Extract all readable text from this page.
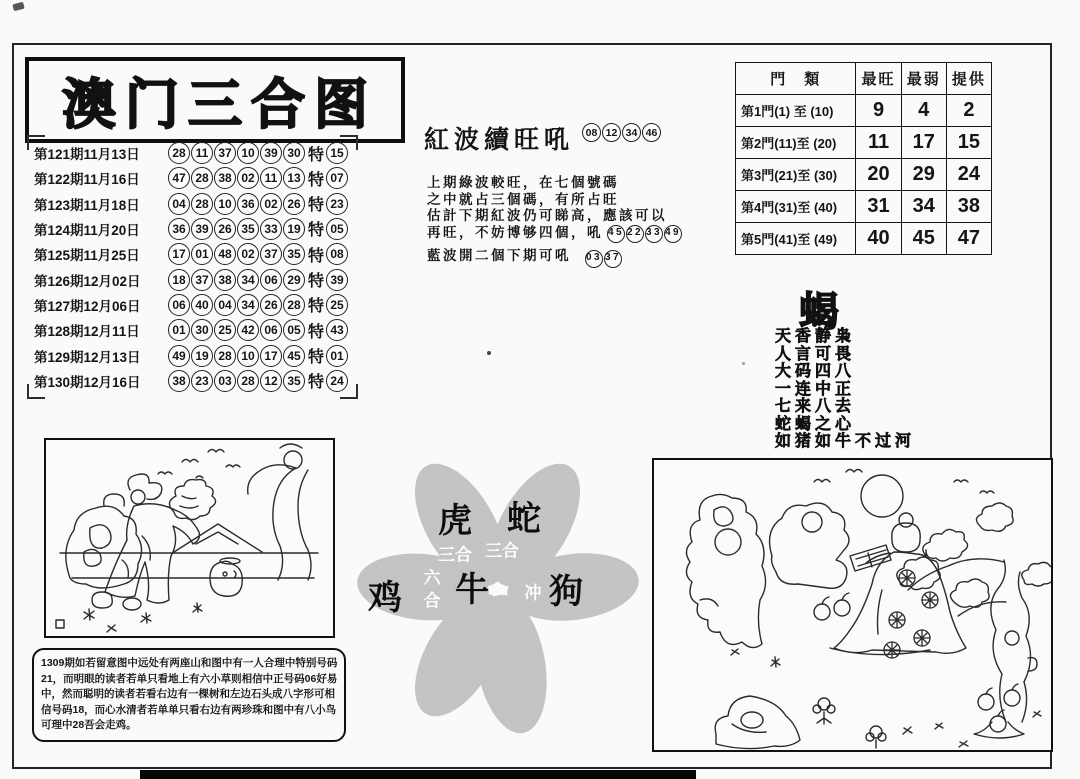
澳门三合图
第121期11月13日	28 11 37 10 39 30 特 15
第122期11月16日	47 28 38 02 11 13 特 07
第123期11月18日	04 28 10 36 02 26 特 23
第124期11月20日	36 39 26 35 33 19 特 05
第125期11月25日	17 01 48 02 37 35 特 08
第126期12月02日	18 37 38 34 06 29 特 39
第127期12月06日	06 40 04 34 26 28 特 25
第128期12月11日	01 30 25 42 06 05 特 43
第129期12月13日	49 19 28 10 17 45 特 01
第130期12月16日	38 23 03 28 12 35 特 24
紅波續旺吼	08 12 34 46
上期綠波較旺，在七個號碼
之中就占三個碼，有所占旺
估計下期紅波仍可睇高，應該可以
再旺，不妨博够四個，吼 45 22 33 49
藍波開二個下期可吼 03 37
門　類	最旺	最弱	提供
第1門(1) 至 (10)	9	4	2
第2門(11)至 (20)	11	17	15
第3門(21)至 (30)	20	29	24
第4門(31)至 (40)	31	34	38
第5門(41)至 (49)	40	45	47
蝎
天香静枭
人言可畏
大码四八
一连中正
七来八去
蛇蝎之心
如猪如牛不过河
1309期如若留意图中远处有两座山和图中有一人合理中特别号码
21，而明眼的读者若单只看地上有六小草则相信中正号码06好易
中，然而聪明的读者若看右边有一棵树和左边石头成八字形可相
信号码18，而心水清者若单单只看右边有两珍珠和图中有八小鸟
可理中28吾会走鸡。
虎 蛇
鸡 牛 狗
三合 三合
六
合	冲
